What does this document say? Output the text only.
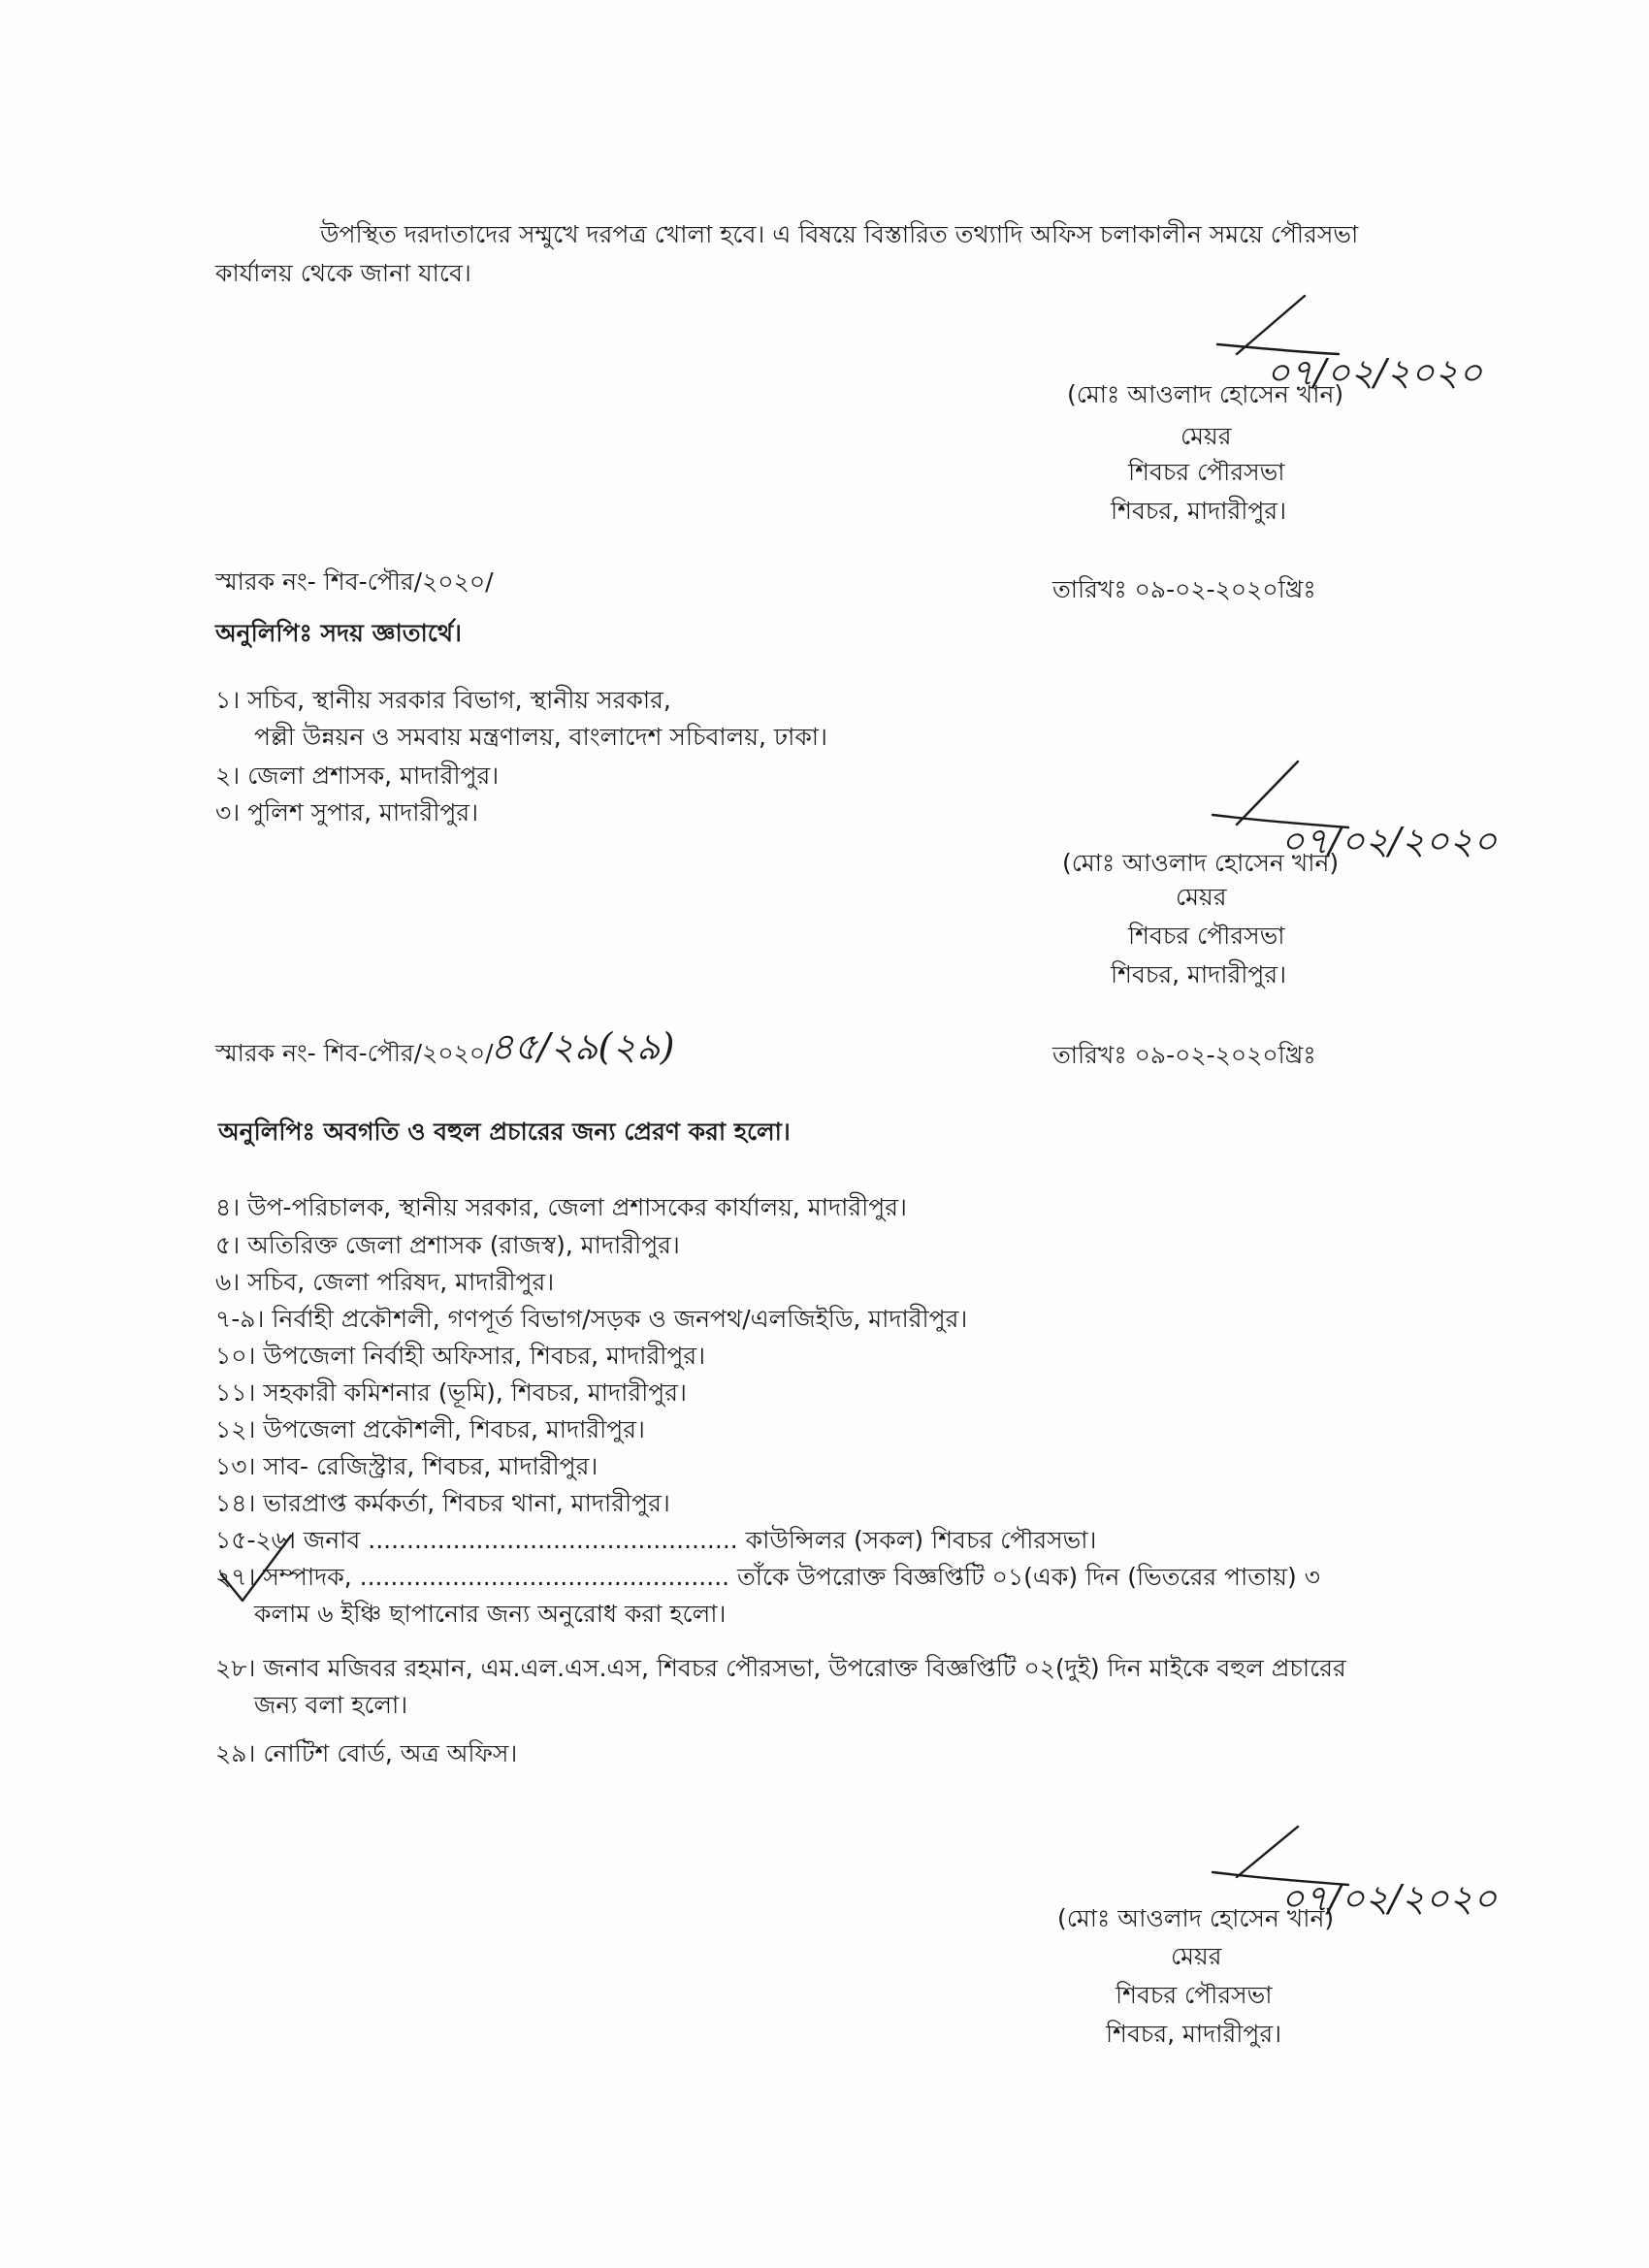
উপস্থিত দরদাতাদের সম্মুখে দরপত্র খোলা হবে। এ বিষয়ে বিস্তারিত তথ্যাদি অফিস চলাকালীন সময়ে পৌরসভা
কার্যালয় থেকে জানা যাবে।
০৭/০২/২০২০
(মোঃ আওলাদ হোসেন খান)
মেয়র
শিবচর পৌরসভা
শিবচর, মাদারীপুর।
স্মারক নং- শিব-পৌর/২০২০/	তারিখঃ ০৯-০২-২০২০খ্রিঃ
অনুলিপিঃ সদয় জ্ঞাতার্থে।
১। সচিব, স্থানীয় সরকার বিভাগ, স্থানীয় সরকার,
পল্লী উন্নয়ন ও সমবায় মন্ত্রণালয়, বাংলাদেশ সচিবালয়, ঢাকা।
২। জেলা প্রশাসক, মাদারীপুর।
৩। পুলিশ সুপার, মাদারীপুর।
০৭/০২/২০২০
(মোঃ আওলাদ হোসেন খান)
মেয়র
শিবচর পৌরসভা
শিবচর, মাদারীপুর।
স্মারক নং- শিব-পৌর/২০২০/
৪৫/২৯(২৯)	তারিখঃ ০৯-০২-২০২০খ্রিঃ
অনুলিপিঃ অবগতি ও বহুল প্রচারের জন্য প্রেরণ করা হলো।
৪। উপ-পরিচালক, স্থানীয় সরকার, জেলা প্রশাসকের কার্যালয়, মাদারীপুর।
৫। অতিরিক্ত জেলা প্রশাসক (রাজস্ব), মাদারীপুর।
৬। সচিব, জেলা পরিষদ, মাদারীপুর।
৭-৯। নির্বাহী প্রকৌশলী, গণপূর্ত বিভাগ/সড়ক ও জনপথ/এলজিইডি, মাদারীপুর।
১০। উপজেলা নির্বাহী অফিসার, শিবচর, মাদারীপুর।
১১। সহকারী কমিশনার (ভূমি), শিবচর, মাদারীপুর।
১২। উপজেলা প্রকৌশলী, শিবচর, মাদারীপুর।
১৩। সাব- রেজিস্ট্রার, শিবচর, মাদারীপুর।
১৪। ভারপ্রাপ্ত কর্মকর্তা, শিবচর থানা, মাদারীপুর।
১৫-২৬। জনাব ................................................ কাউন্সিলর (সকল) শিবচর পৌরসভা।
২৭। সম্পাদক, ................................................ তাঁকে উপরোক্ত বিজ্ঞপ্তিটি ০১(এক) দিন (ভিতরের পাতায়) ৩
কলাম ৬ ইঞ্চি ছাপানোর জন্য অনুরোধ করা হলো।
২৮। জনাব মজিবর রহমান, এম.এল.এস.এস, শিবচর পৌরসভা, উপরোক্ত বিজ্ঞপ্তিটি ০২(দুই) দিন মাইকে বহুল প্রচারের
জন্য বলা হলো।
২৯। নোটিশ বোর্ড, অত্র অফিস।
০৭/০২/২০২০
(মোঃ আওলাদ হোসেন খান)
মেয়র
শিবচর পৌরসভা
শিবচর, মাদারীপুর।
